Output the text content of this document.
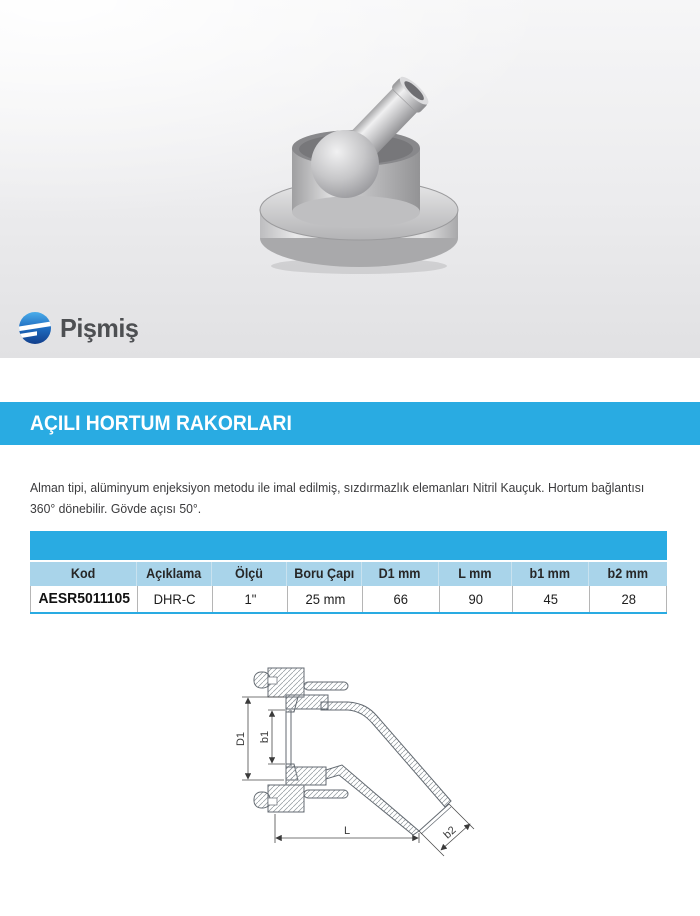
Pişmiş
AÇILI HORTUM RAKORLARI
Alman tipi, alüminyum enjeksiyon metodu ile imal edilmiş, sızdırmazlık elemanları Nitril Kauçuk. Hortum bağlantısı
360° dönebilir. Gövde açısı 50°.
Kod	Açıklama	Ölçü	Boru Çapı	D1 mm	L mm	b1 mm	b2 mm
AESR5011105	DHR-C	1"	25 mm	66	90	45	28
D1 b1
L	b2
